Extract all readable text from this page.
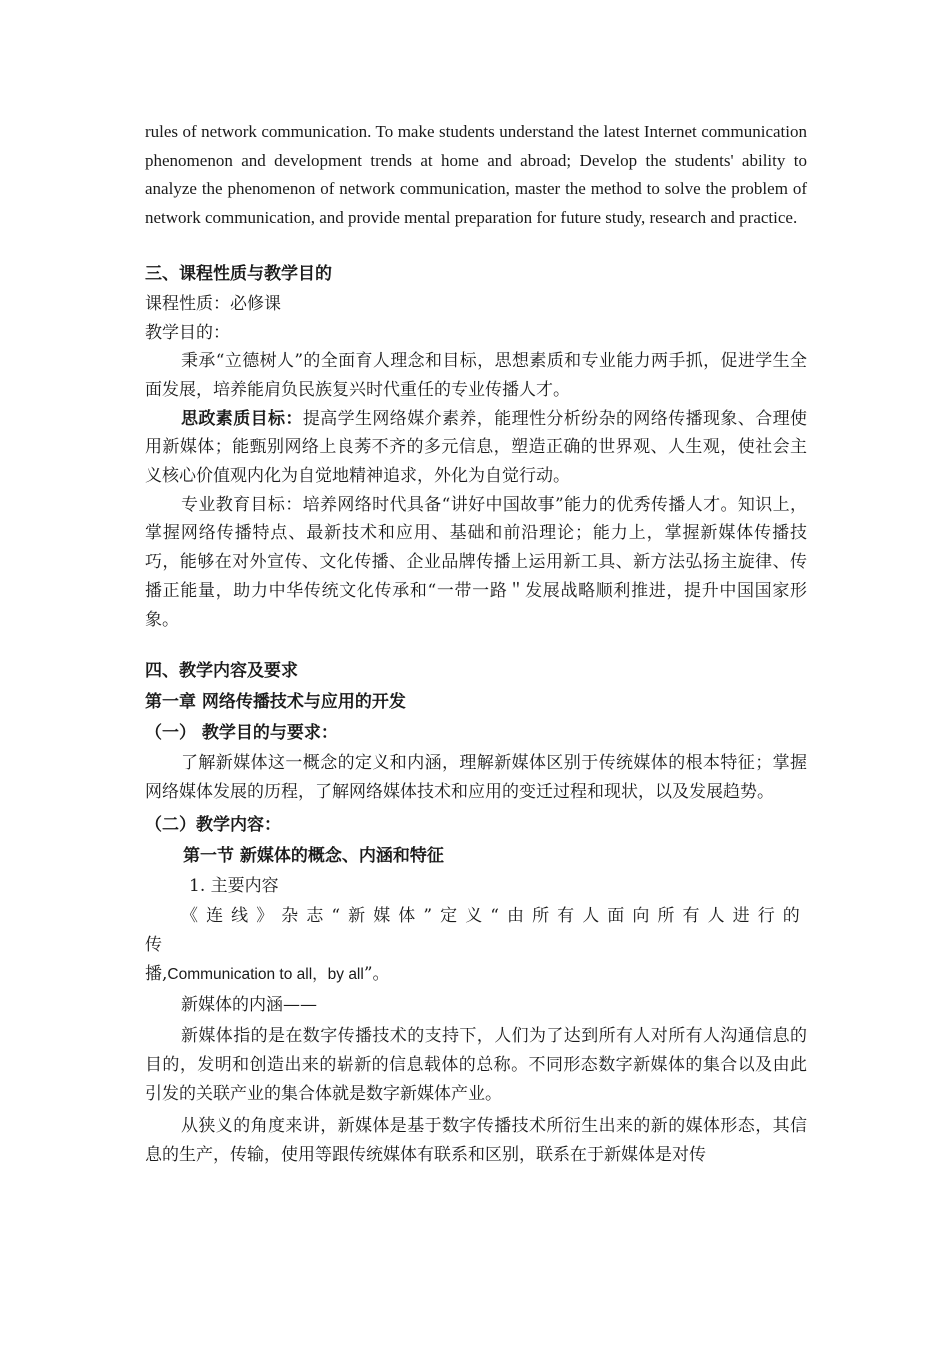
rules of network communication. To make students understand the latest Internet communication phenomenon and development trends at home and abroad; Develop the students' ability to analyze the phenomenon of network communication, master the method to solve the problem of network communication, and provide mental preparation for future study, research and practice.

三、课程性质与教学目的

课程性质：必修课

教学目的：

秉承“立德树人”的全面育人理念和目标，思想素质和专业能力两手抓，促进学生全面发展，培养能肩负民族复兴时代重任的专业传播人才。

思政素质目标：提高学生网络媒介素养，能理性分析纷杂的网络传播现象、合理使用新媒体；能甄别网络上良莠不齐的多元信息，塑造正确的世界观、人生观，使社会主义核心价值观内化为自觉地精神追求，外化为自觉行动。

专业教育目标：培养网络时代具备“讲好中国故事”能力的优秀传播人才。知识上，掌握网络传播特点、最新技术和应用、基础和前沿理论；能力上，掌握新媒体传播技巧，能够在对外宣传、文化传播、企业品牌传播上运用新工具、新方法弘扬主旋律、传播正能量，助力中华传统文化传承和“一带一路＂发展战略顺利推进，提升中国国家形象。

四、教学内容及要求
第一章 网络传播技术与应用的开发
（一） 教学目的与要求：

了解新媒体这一概念的定义和内涵，理解新媒体区别于传统媒体的根本特征；掌握网络媒体发展的历程，了解网络媒体技术和应用的变迁过程和现状，以及发展趋势。

（二）教学内容：
第一节 新媒体的概念、内涵和特征

1. 主要内容

《连线》杂志“新媒体”定义“由所有人面向所有人进行的传
播,Communication to all，by all”。

新媒体的内涵——

新媒体指的是在数字传播技术的支持下，人们为了达到所有人对所有人沟通信息的目的，发明和创造出来的崭新的信息载体的总称。不同形态数字新媒体的集合以及由此引发的关联产业的集合体就是数字新媒体产业。

从狭义的角度来讲，新媒体是基于数字传播技术所衍生出来的新的媒体形态，其信息的生产，传输，使用等跟传统媒体有联系和区别，联系在于新媒体是对传
